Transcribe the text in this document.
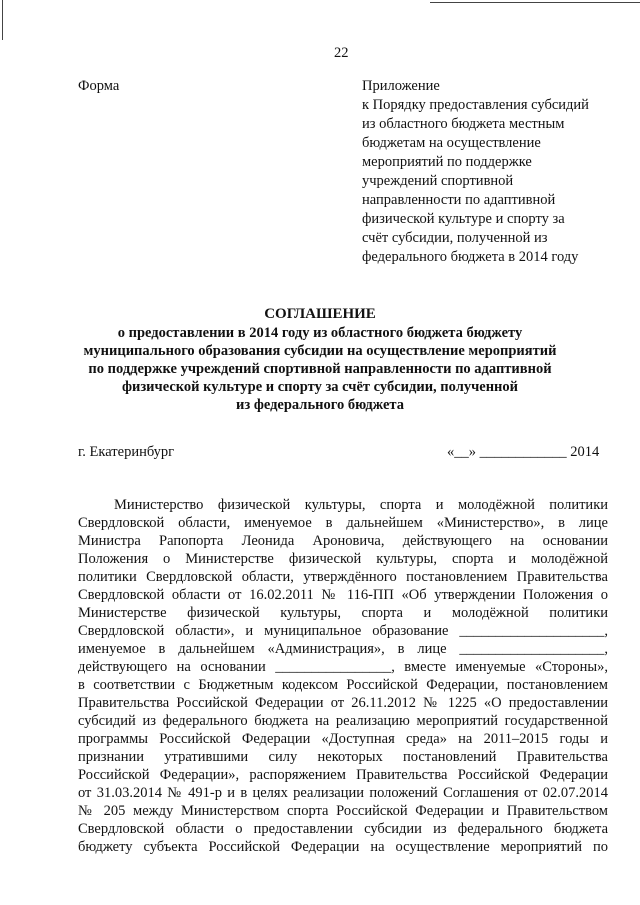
22
Форма	Приложение
к Порядку предоставления субсидий
из областного бюджета местным
бюджетам на осуществление
мероприятий по поддержке
учреждений спортивной
направленности по адаптивной
физической культуре и спорту за
счёт субсидии, полученной из
федерального бюджета в 2014 году
СОГЛАШЕНИЕ
о предоставлении в 2014 году из областного бюджета бюджету
муниципального образования субсидии на осуществление мероприятий
по поддержке учреждений спортивной направленности по адаптивной
физической культуре и спорту за счёт субсидии, полученной
из федерального бюджета
г. Екатеринбург	«__» ____________ 2014
Министерство физической культуры, спорта и молодёжной политики
Свердловской области, именуемое в дальнейшем «Министерство», в лице
Министра Рапопорта Леонида Ароновича, действующего на основании
Положения о Министерстве физической культуры, спорта и молодёжной
политики Свердловской области, утверждённого постановлением Правительства
Свердловской области от 16.02.2011 № 116-ПП «Об утверждении Положения о
Министерстве физической культуры, спорта и молодёжной политики
Свердловской области», и муниципальное образование ____________________,
именуемое в дальнейшем «Администрация», в лице ____________________,
действующего на основании ________________, вместе именуемые «Стороны»,
в соответствии с Бюджетным кодексом Российской Федерации, постановлением
Правительства Российской Федерации от 26.11.2012 № 1225 «О предоставлении
субсидий из федерального бюджета на реализацию мероприятий государственной
программы Российской Федерации «Доступная среда» на 2011–2015 годы и
признании утратившими силу некоторых постановлений Правительства
Российской Федерации», распоряжением Правительства Российской Федерации
от 31.03.2014 № 491-р и в целях реализации положений Соглашения от 02.07.2014
№ 205 между Министерством спорта Российской Федерации и Правительством
Свердловской области о предоставлении субсидии из федерального бюджета
бюджету субъекта Российской Федерации на осуществление мероприятий по
